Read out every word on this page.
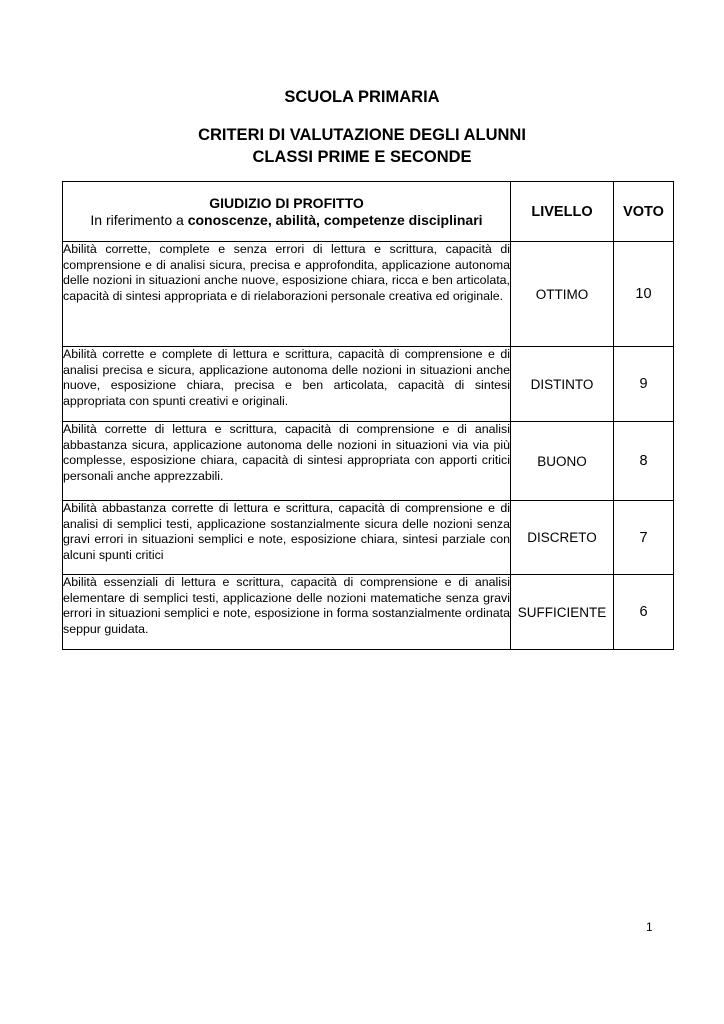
SCUOLA PRIMARIA
CRITERI DI VALUTAZIONE DEGLI ALUNNI
CLASSI PRIME E SECONDE
GIUDIZIO DI PROFITTO
In riferimento a conoscenze, abilità, competenze disciplinari	LIVELLO	VOTO
Abilità corrette, complete e senza errori di lettura e scrittura, capacità di comprensione e di analisi sicura, precisa e approfondita, applicazione autonoma delle nozioni in situazioni anche nuove, esposizione chiara, ricca e ben articolata, capacità di sintesi appropriata e di rielaborazioni personale creativa ed originale.	OTTIMO	10
Abilità corrette e complete di lettura e scrittura, capacità di comprensione e di analisi precisa e sicura, applicazione autonoma delle nozioni in situazioni anche nuove, esposizione chiara, precisa e ben articolata, capacità di sintesi appropriata con spunti creativi e originali.	DISTINTO	9
Abilità corrette di lettura e scrittura, capacità di comprensione e di analisi abbastanza sicura, applicazione autonoma delle nozioni in situazioni via via più complesse, esposizione chiara, capacità di sintesi appropriata con apporti critici personali anche apprezzabili.	BUONO	8
Abilità abbastanza corrette di lettura e scrittura, capacità di comprensione e di analisi di semplici testi, applicazione sostanzialmente sicura delle nozioni senza gravi errori in situazioni semplici e note, esposizione chiara, sintesi parziale con alcuni spunti critici	DISCRETO	7
Abilità essenziali di lettura e scrittura, capacità di comprensione e di analisi elementare di semplici testi, applicazione delle nozioni matematiche senza gravi errori in situazioni semplici e note, esposizione in forma sostanzialmente ordinata seppur guidata.	SUFFICIENTE	6
1
